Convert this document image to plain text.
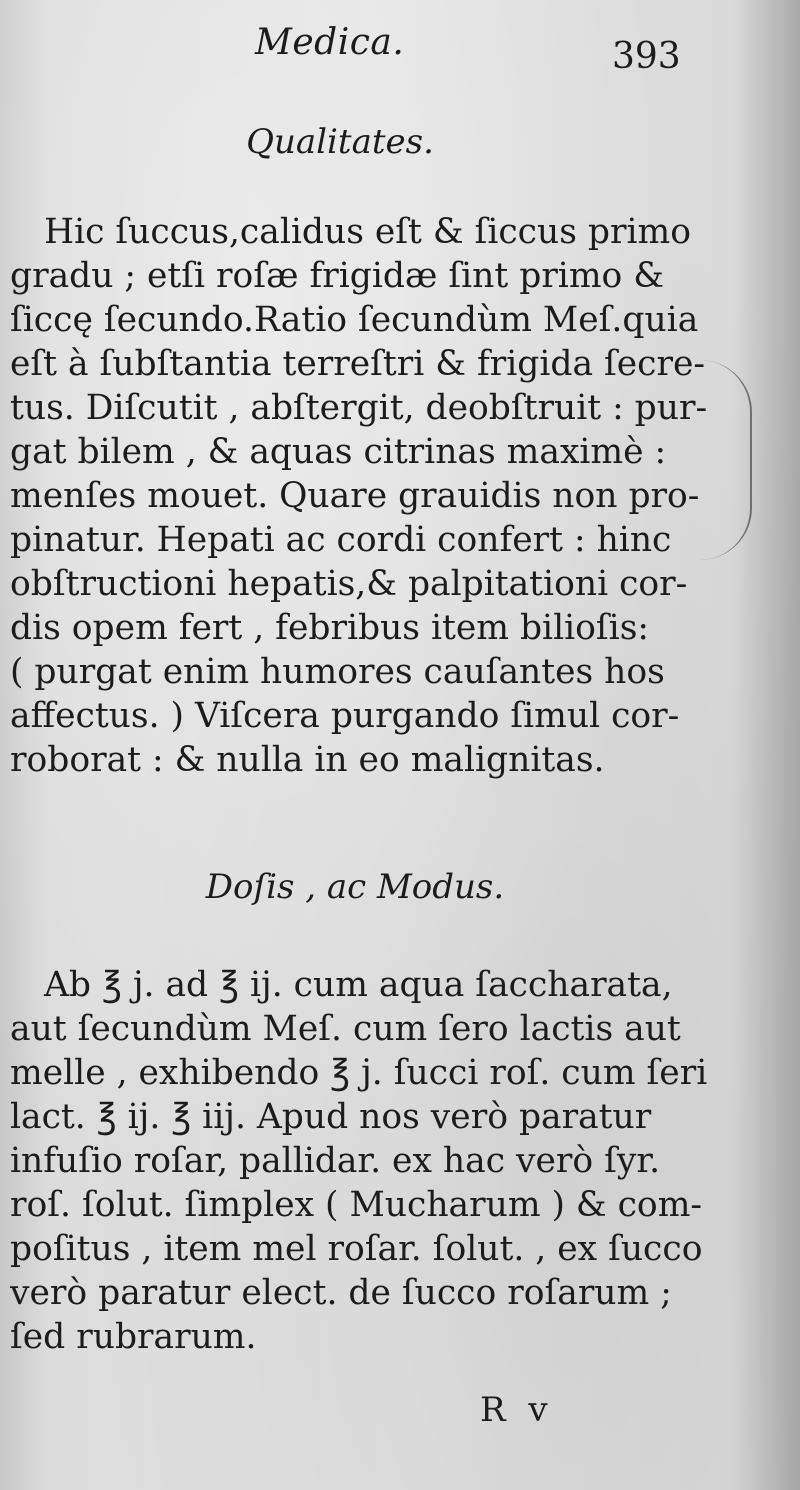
Medica.	393
Qualitates.
Hic ſuccus,calidus eſt & ſiccus primo
gradu ; etſi roſæ frigidæ ſint primo &
ſiccę ſecundo.Ratio ſecundùm Meſ.quia
eſt à ſubſtantia terreſtri & frigida ſecre-
tus. Diſcutit , abſtergit, deobſtruit : pur-
gat bilem , & aquas citrinas maximè :
menſes mouet. Quare grauidis non pro-
pinatur. Hepati ac cordi confert : hinc
obſtructioni hepatis,& palpitationi cor-
dis opem fert , febribus item bilioſis:
( purgat enim humores cauſantes hos
affectus. ) Viſcera purgando ſimul cor-
roborat : & nulla in eo malignitas.
Doſis , ac Modus.
Ab ℥ j. ad ℥ ij. cum aqua ſaccharata,
aut ſecundùm Meſ. cum ſero lactis aut
melle , exhibendo ℥ j. ſucci roſ. cum ſeri
lact. ℥ ij. ℥ iij. Apud nos verò paratur
infuſio roſar, pallidar. ex hac verò ſyr.
roſ. ſolut. ſimplex ( Mucharum ) & com-
poſitus , item mel roſar. ſolut. , ex ſucco
verò paratur elect. de ſucco roſarum ;
ſed rubrarum.
R v
